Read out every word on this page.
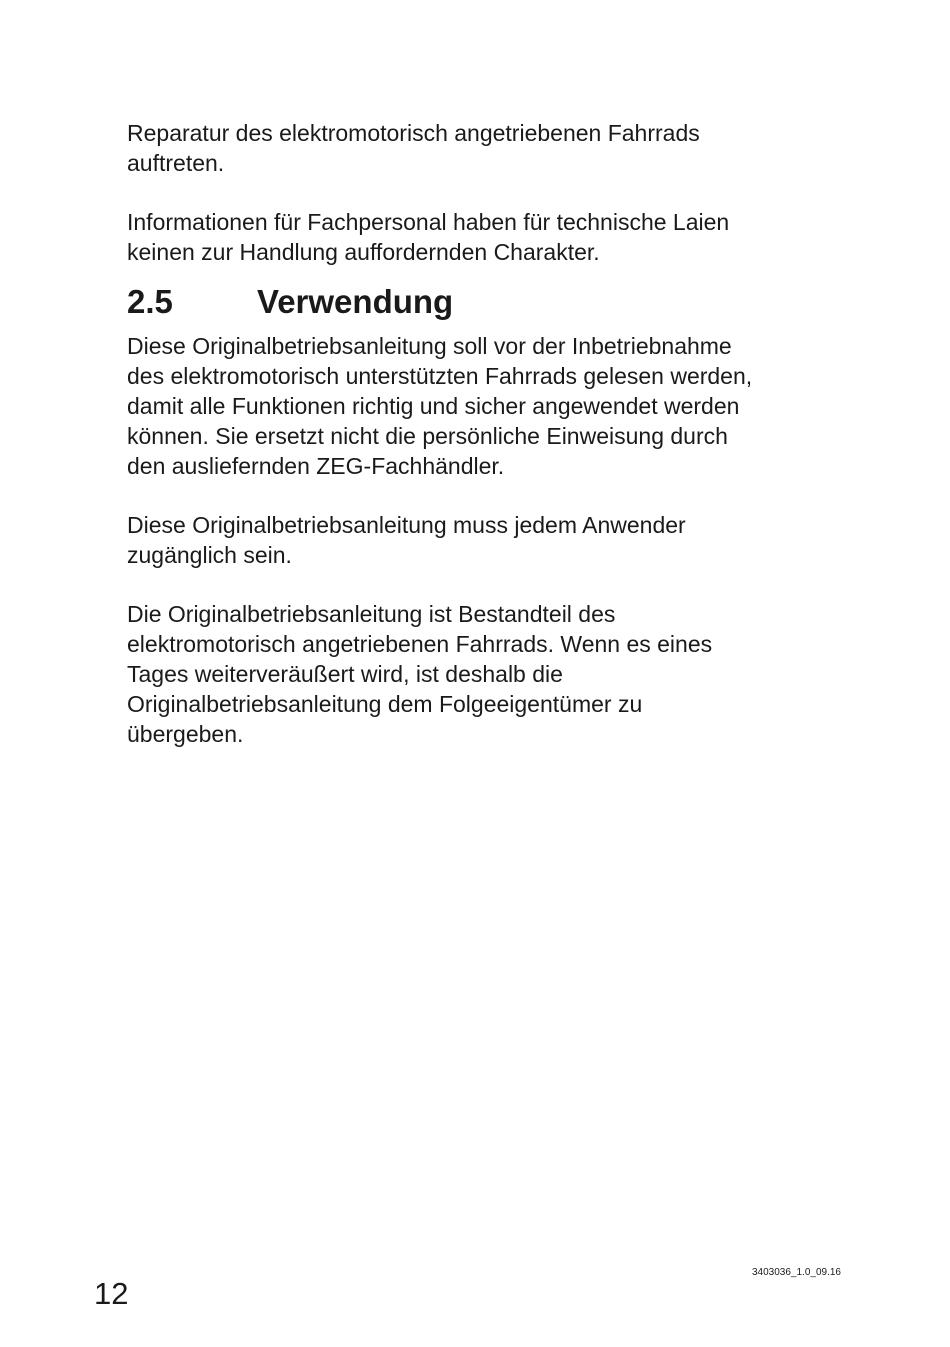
Reparatur des elektromotorisch angetriebenen Fahrrads
auftreten.

Informationen für Fachpersonal haben für technische Laien
keinen zur Handlung auffordernden Charakter.

2.5	Verwendung

Diese Originalbetriebsanleitung soll vor der Inbetriebnahme
des elektromotorisch unterstützten Fahrrads gelesen werden,
damit alle Funktionen richtig und sicher angewendet werden
können. Sie ersetzt nicht die persönliche Einweisung durch
den ausliefernden ZEG-Fachhändler.

Diese Originalbetriebsanleitung muss jedem Anwender
zugänglich sein.

Die Originalbetriebsanleitung ist Bestandteil des
elektromotorisch angetriebenen Fahrrads. Wenn es eines
Tages weiterveräußert wird, ist deshalb die
Originalbetriebsanleitung dem Folgeeigentümer zu
übergeben.

12
3403036_1.0_09.16
